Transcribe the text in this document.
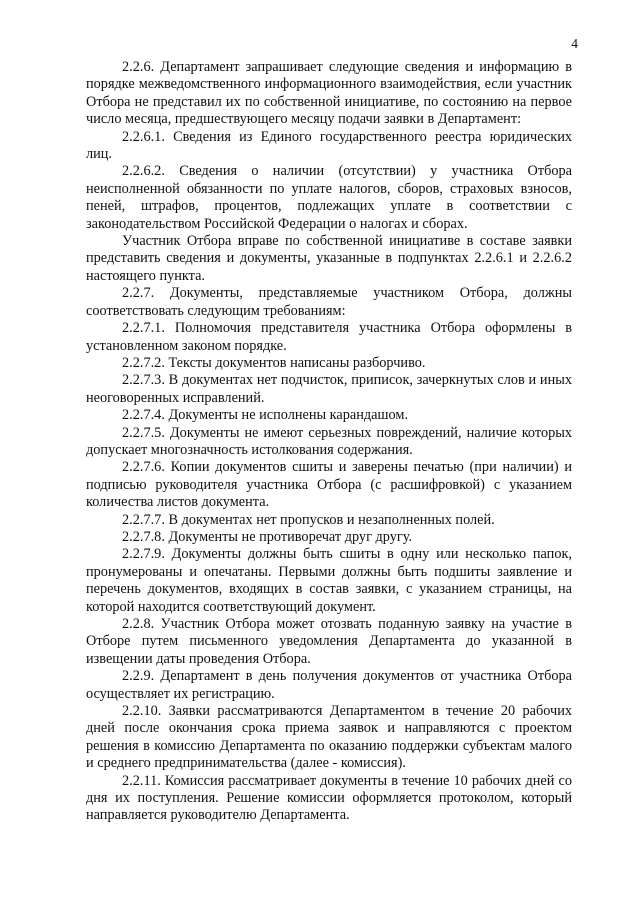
4

2.2.6. Департамент запрашивает следующие сведения и информацию в порядке межведомственного информационного взаимодействия, если участник Отбора не представил их по собственной инициативе, по состоянию на первое число месяца, предшествующего месяцу подачи заявки в Департамент:

2.2.6.1. Сведения из Единого государственного реестра юридических лиц.

2.2.6.2. Сведения о наличии (отсутствии) у участника Отбора неисполненной обязанности по уплате налогов, сборов, страховых взносов, пеней, штрафов, процентов, подлежащих уплате в соответствии с законодательством Российской Федерации о налогах и сборах.

Участник Отбора вправе по собственной инициативе в составе заявки представить сведения и документы, указанные в подпунктах 2.2.6.1 и 2.2.6.2 настоящего пункта.

2.2.7. Документы, представляемые участником Отбора, должны соответствовать следующим требованиям:

2.2.7.1. Полномочия представителя участника Отбора оформлены в установленном законом порядке.

2.2.7.2. Тексты документов написаны разборчиво.

2.2.7.3. В документах нет подчисток, приписок, зачеркнутых слов и иных неоговоренных исправлений.

2.2.7.4. Документы не исполнены карандашом.

2.2.7.5. Документы не имеют серьезных повреждений, наличие которых допускает многозначность истолкования содержания.

2.2.7.6. Копии документов сшиты и заверены печатью (при наличии) и подписью руководителя участника Отбора (с расшифровкой) с указанием количества листов документа.

2.2.7.7. В документах нет пропусков и незаполненных полей.

2.2.7.8. Документы не противоречат друг другу.

2.2.7.9. Документы должны быть сшиты в одну или несколько папок, пронумерованы и опечатаны. Первыми должны быть подшиты заявление и перечень документов, входящих в состав заявки, с указанием страницы, на которой находится соответствующий документ.

2.2.8. Участник Отбора может отозвать поданную заявку на участие в Отборе путем письменного уведомления Департамента до указанной в извещении даты проведения Отбора.

2.2.9. Департамент в день получения документов от участника Отбора осуществляет их регистрацию.

2.2.10. Заявки рассматриваются Департаментом в течение 20 рабочих дней после окончания срока приема заявок и направляются с проектом решения в комиссию Департамента по оказанию поддержки субъектам малого и среднего предпринимательства (далее - комиссия).

2.2.11. Комиссия рассматривает документы в течение 10 рабочих дней со дня их поступления. Решение комиссии оформляется протоколом, который направляется руководителю Департамента.
